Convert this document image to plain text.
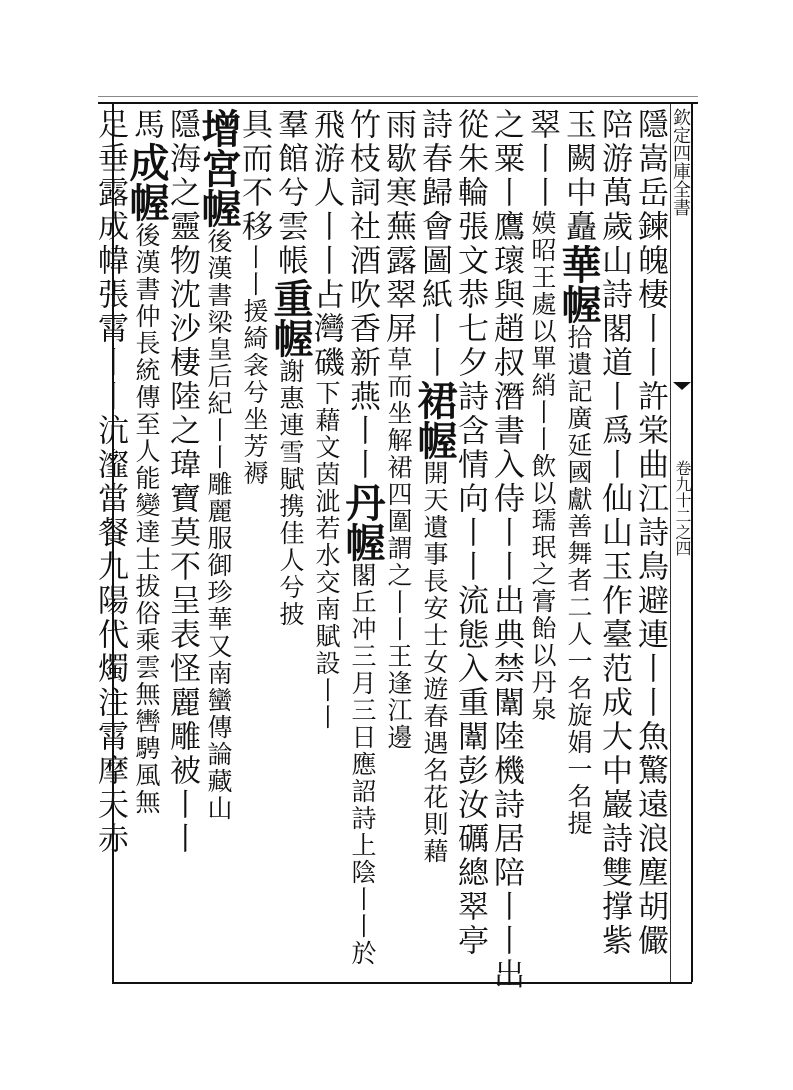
欽定四庫全書
卷九十二之四
隱嵩岳鍊魄棲丨丨許棠曲江詩鳥避連丨丨魚驚遠浪塵胡儼
陪游萬歲山詩閣道丨爲丨仙山玉作臺范成大中巖詩雙撑紫
玉闕中矗華幄拾遺記廣延國獻善舞者二人一名旋娟一名提
翠丨丨嫫昭王處以單綃丨丨飲以瓀珉之膏飴以丹泉
之粟丨鷹瓌與趙叔潛書入侍丨丨出典禁闈陸機詩居陪丨丨出
從朱輪張文恭七夕詩含情向丨丨流態入重闈彭汝礪總翠亭
詩春歸會圖紙丨丨裙幄開天遺事長安士女遊春遇名花則藉
雨歇寒蕪露翠屏草而坐解裙四圍謂之丨丨王逢江邊
竹枝詞社酒吹香新燕丨丨丹幄閣丘冲三月三日應詔詩上陰丨丨於
飛游人丨丨占灣磯下藉文茵泚若水交南賦設丨丨
羣館兮雲帳重幄謝惠連雪賦携佳人兮披
具而不移丨丨援綺衾兮坐芳褥
增宮幄後漢書梁皇后紀丨丨雕麗服御珍華又南蠻傳論藏山
隱海之靈物沈沙棲陸之瑋寶莫不呈表怪麗雕被丨丨
馬成幄後漢書仲長統傳至人能變達士拔俗乘雲無轡騁風無
足垂露成幃張霄丨丨沆瀣當餐九陽代燭注霄摩天赤
